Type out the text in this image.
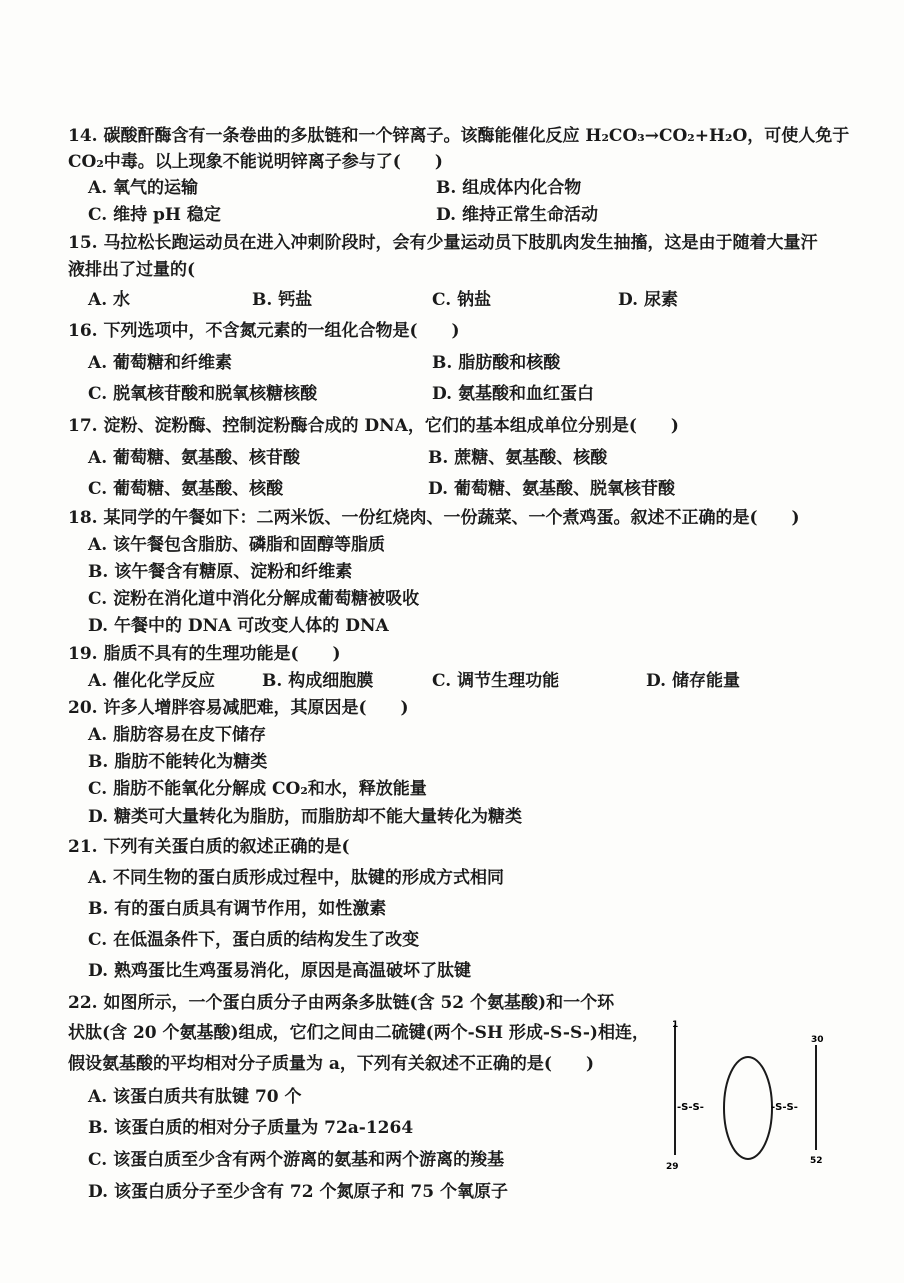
14. 碳酸酐酶含有一条卷曲的多肽链和一个锌离子。该酶能催化反应 H₂CO₃→CO₂+H₂O，可使人免于
CO₂中毒。以上现象不能说明锌离子参与了(　　)
A. 氧气的运输	B. 组成体内化合物
C. 维持 pH 稳定	D. 维持正常生命活动
15. 马拉松长跑运动员在进入冲刺阶段时，会有少量运动员下肢肌肉发生抽搐，这是由于随着大量汗
液排出了过量的(
A. 水	B. 钙盐	C. 钠盐	D. 尿素
16. 下列选项中，不含氮元素的一组化合物是(　　)
A. 葡萄糖和纤维素	B. 脂肪酸和核酸
C. 脱氧核苷酸和脱氧核糖核酸	D. 氨基酸和血红蛋白
17. 淀粉、淀粉酶、控制淀粉酶合成的 DNA，它们的基本组成单位分别是(　　)
A. 葡萄糖、氨基酸、核苷酸	B. 蔗糖、氨基酸、核酸
C. 葡萄糖、氨基酸、核酸	D. 葡萄糖、氨基酸、脱氧核苷酸
18. 某同学的午餐如下：二两米饭、一份红烧肉、一份蔬菜、一个煮鸡蛋。叙述不正确的是(　　)
A. 该午餐包含脂肪、磷脂和固醇等脂质
B. 该午餐含有糖原、淀粉和纤维素
C. 淀粉在消化道中消化分解成葡萄糖被吸收
D. 午餐中的 DNA 可改变人体的 DNA
19. 脂质不具有的生理功能是(　　)
A. 催化化学反应	B. 构成细胞膜	C. 调节生理功能	D. 储存能量
20. 许多人增胖容易减肥难，其原因是(　　)
A. 脂肪容易在皮下储存
B. 脂肪不能转化为糖类
C. 脂肪不能氧化分解成 CO₂和水，释放能量
D. 糖类可大量转化为脂肪，而脂肪却不能大量转化为糖类
21. 下列有关蛋白质的叙述正确的是(
A. 不同生物的蛋白质形成过程中，肽键的形成方式相同
B. 有的蛋白质具有调节作用，如性激素
C. 在低温条件下，蛋白质的结构发生了改变
D. 熟鸡蛋比生鸡蛋易消化，原因是高温破坏了肽键
22. 如图所示，一个蛋白质分子由两条多肽链(含 52 个氨基酸)和一个环
状肽(含 20 个氨基酸)组成，它们之间由二硫键(两个-SH 形成-S-S-)相连，
假设氨基酸的平均相对分子质量为 a，下列有关叙述不正确的是(　　)
A. 该蛋白质共有肽键 70 个
B. 该蛋白质的相对分子质量为 72a-1264
C. 该蛋白质至少含有两个游离的氨基和两个游离的羧基
D. 该蛋白质分子至少含有 72 个氮原子和 75 个氧原子
-S-S-	-S-S-
1
29
30
52
